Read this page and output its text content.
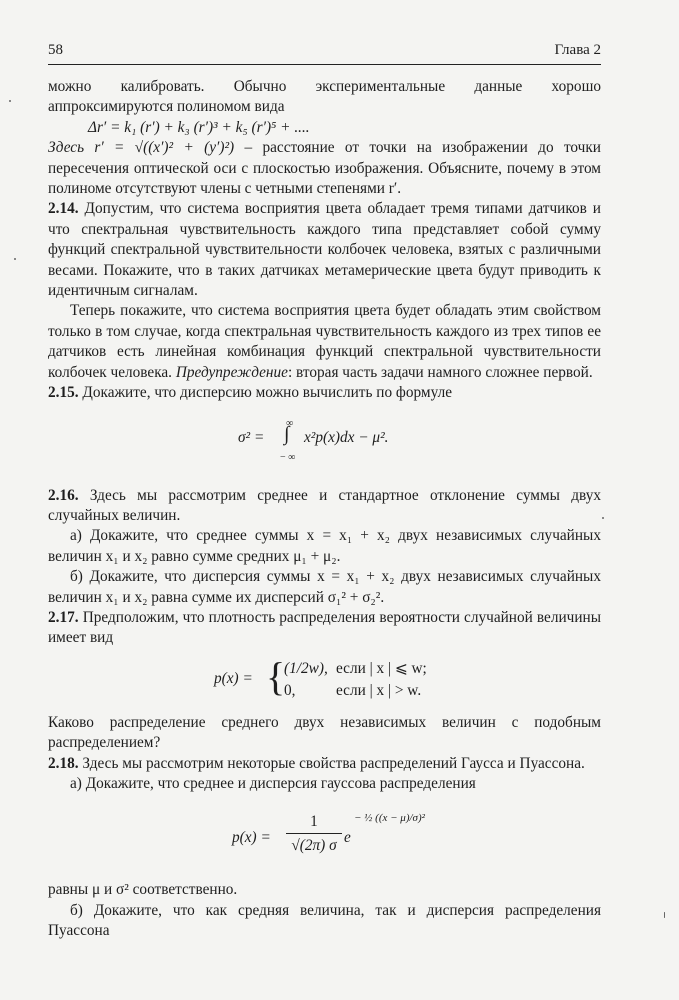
58	Глава 2

можно калибровать. Обычно экспериментальные данные хорошо аппроксимируются полиномом вида

Δr′ = k₁ (r′) + k₃ (r′)³ + k₅ (r′)⁵ + ....

Здесь r′ = √((x′)² + (y′)²) – расстояние от точки на изображении до точки пересечения оптической оси с плоскостью изображения. Объясните, почему в этом полиноме отсутствуют члены с четными степенями r′.

2.14. Допустим, что система восприятия цвета обладает тремя типами датчиков и что спектральная чувствительность каждого типа представляет собой сумму функций спектральной чувствительности колбочек человека, взятых с различными весами. Покажите, что в таких датчиках метамерические цвета будут приводить к идентичным сигналам.

Теперь покажите, что система восприятия цвета будет обладать этим свойством только в том случае, когда спектральная чувствительность каждого из трех типов ее датчиков есть линейная комбинация функций спектральной чувствительности колбочек человека. Предупреждение: вторая часть задачи намного сложнее первой.

2.15. Докажите, что дисперсию можно вычислить по формуле

σ² =
∞
∫
− ∞
x²p(x)dx − μ².

2.16. Здесь мы рассмотрим среднее и стандартное отклонение суммы двух случайных величин.

а) Докажите, что среднее суммы x = x₁ + x₂ двух независимых случайных величин x₁ и x₂ равно сумме средних μ₁ + μ₂.

б) Докажите, что дисперсия суммы x = x₁ + x₂ двух независимых случайных величин x₁ и x₂ равна сумме их дисперсий σ₁² + σ₂².

2.17. Предположим, что плотность распределения вероятности случайной величины имеет вид

p(x) = {
(1/2w), если | x | ⩽ w;
0,	если | x | > w.

Каково распределение среднего двух независимых величин с подобным распределением?

2.18. Здесь мы рассмотрим некоторые свойства распределений Гаусса и Пуассона.

а) Докажите, что среднее и дисперсия гауссова распределения

p(x) =
1
√(2π) σ e
− ½ ((x − μ)/σ)²

равны μ и σ² соответственно.

б) Докажите, что как средняя величина, так и дисперсия распределения Пуассона
